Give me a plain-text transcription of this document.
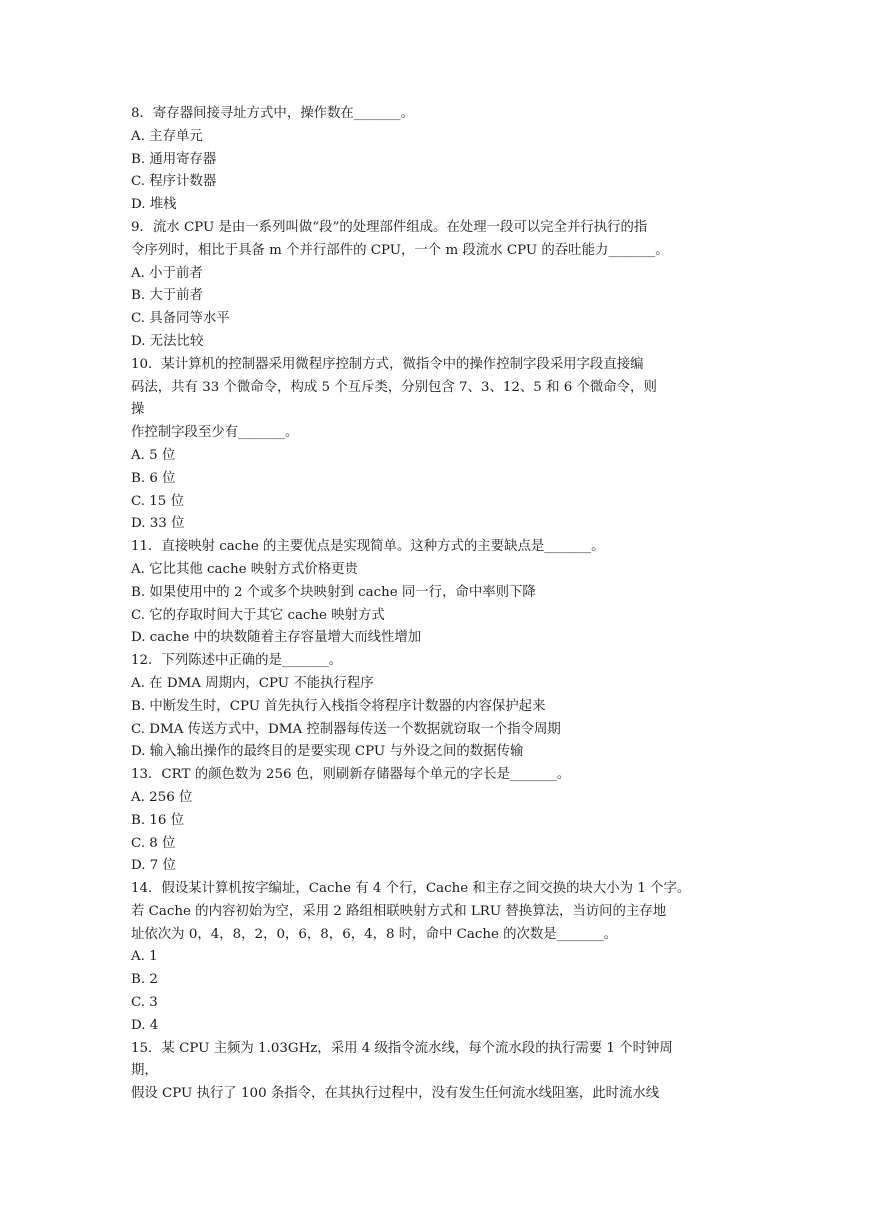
8．寄存器间接寻址方式中，操作数在_______。
A. 主存单元
B. 通用寄存器
C. 程序计数器
D. 堆栈
9．流水 CPU 是由一系列叫做“段”的处理部件组成。在处理一段可以完全并行执行的指
令序列时，相比于具备 m 个并行部件的 CPU，一个 m 段流水 CPU 的吞吐能力_______。
A. 小于前者
B. 大于前者
C. 具备同等水平
D. 无法比较
10．某计算机的控制器采用微程序控制方式，微指令中的操作控制字段采用字段直接编
码法，共有 33 个微命令，构成 5 个互斥类，分别包含 7、3、12、5 和 6 个微命令，则
操
作控制字段至少有_______。
A. 5 位
B. 6 位
C. 15 位
D. 33 位
11．直接映射 cache 的主要优点是实现简单。这种方式的主要缺点是_______。
A. 它比其他 cache 映射方式价格更贵
B. 如果使用中的 2 个或多个块映射到 cache 同一行，命中率则下降
C. 它的存取时间大于其它 cache 映射方式
D. cache 中的块数随着主存容量增大而线性增加
12．下列陈述中正确的是_______。
A. 在 DMA 周期内，CPU 不能执行程序
B. 中断发生时，CPU 首先执行入栈指令将程序计数器的内容保护起来
C. DMA 传送方式中，DMA 控制器每传送一个数据就窃取一个指令周期
D. 输入输出操作的最终目的是要实现 CPU 与外设之间的数据传输
13．CRT 的颜色数为 256 色，则刷新存储器每个单元的字长是_______。
A. 256 位
B. 16 位
C. 8 位
D. 7 位
14．假设某计算机按字编址，Cache 有 4 个行，Cache 和主存之间交换的块大小为 1 个字。
若 Cache 的内容初始为空，采用 2 路组相联映射方式和 LRU 替换算法，当访问的主存地
址依次为 0，4，8，2，0，6，8，6，4，8 时，命中 Cache 的次数是_______。
A. 1
B. 2
C. 3
D. 4
15．某 CPU 主频为 1.03GHz，采用 4 级指令流水线，每个流水段的执行需要 1 个时钟周
期，
假设 CPU 执行了 100 条指令，在其执行过程中，没有发生任何流水线阻塞，此时流水线
